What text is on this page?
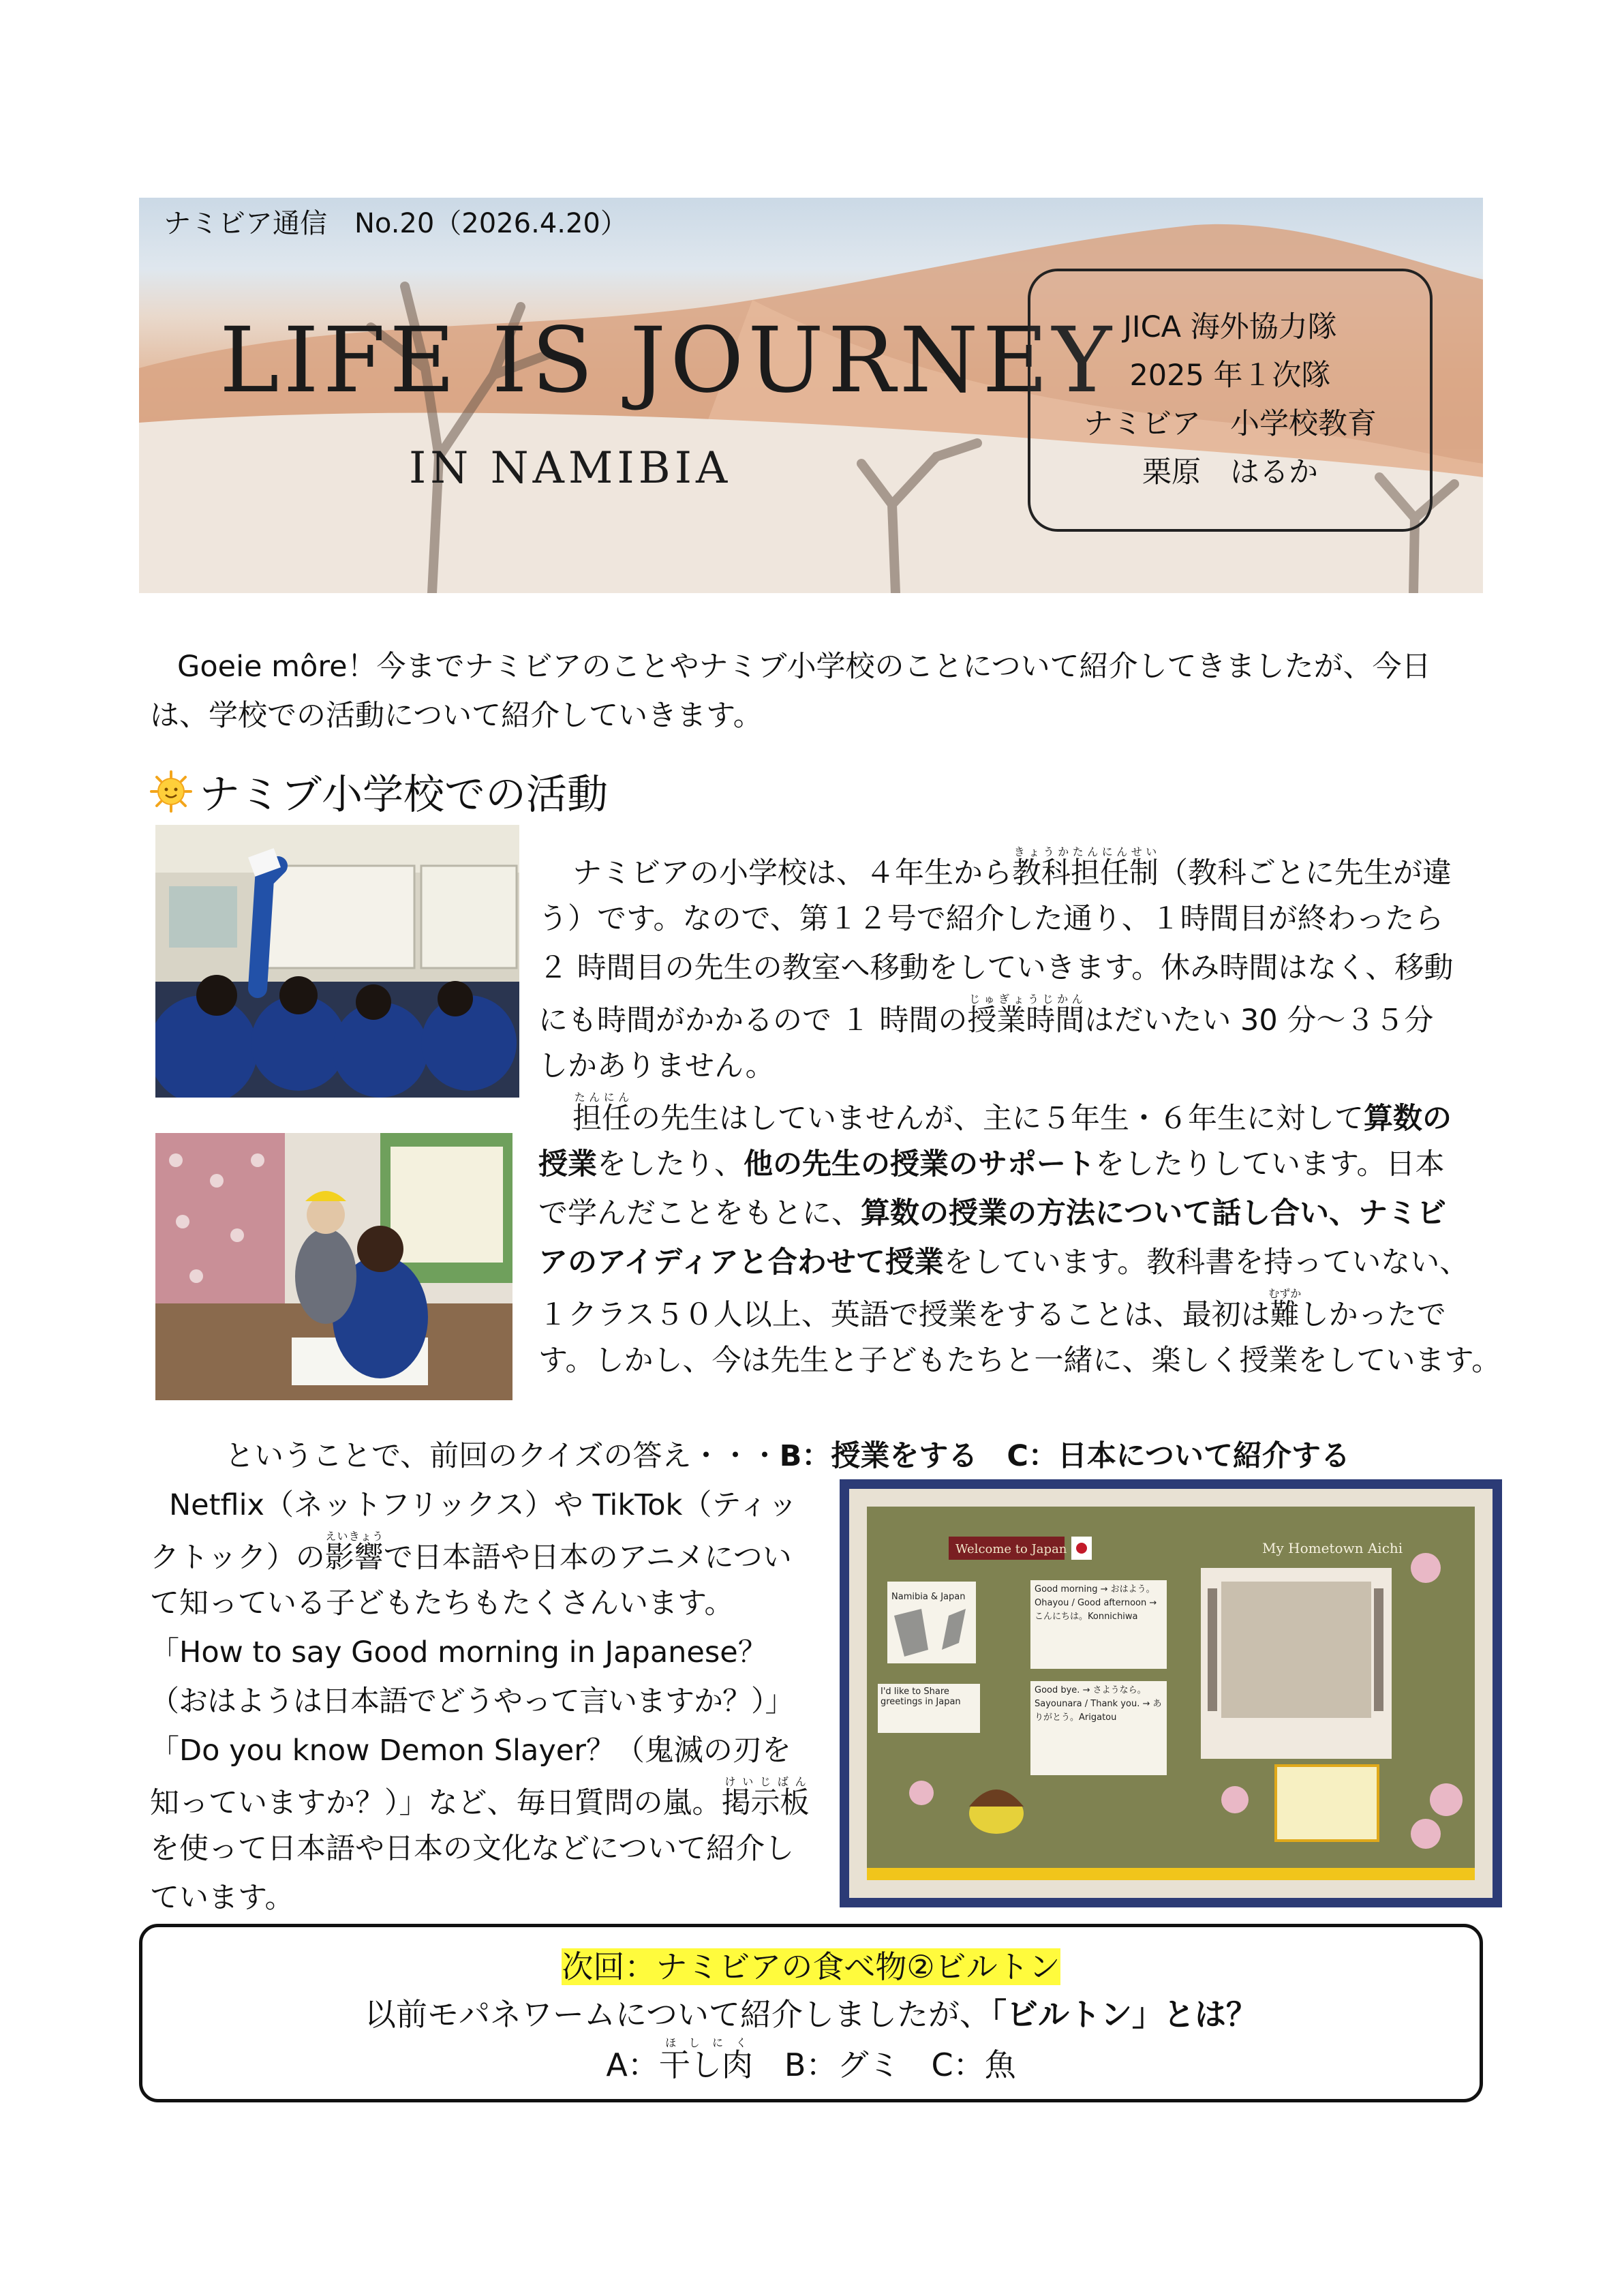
ナミビア通信　No.20（2026.4.20）
LIFE IS JOURNEY
IN NAMIBIA
JICA 海外協力隊
2025 年１次隊
ナミビア　小学校教育
栗原　はるか
Goeie môre！今までナミビアのことやナミブ小学校のことについて紹介してきましたが、今日
は、学校での活動について紹介していきます。
ナミブ小学校での活動
ナミビアの小学校は、４年生から教科担任制きょうかたんにんせい（教科ごとに先生が違
う）です。なので、第１２号で紹介した通り、１時間目が終わったら
２ 時間目の先生の教室へ移動をしていきます。休み時間はなく、移動
にも時間がかかるので １ 時間の授業時間じゅぎょうじかんはだいたい 30 分～３５分
しかありません。
担任たんにんの先生はしていませんが、主に５年生・６年生に対して算数の
授業をしたり、他の先生の授業のサポートをしたりしています。日本
で学んだことをもとに、算数の授業の方法について話し合い、ナミビ
アのアイディアと合わせて授業をしています。教科書を持っていない、
１クラス５０人以上、英語で授業をすることは、最初は難むずかしかったで
す。しかし、今は先生と子どもたちと一緒に、楽しく授業をしています。
ということで、前回のクイズの答え・・・B：授業をする　C：日本について紹介する
Netflix（ネットフリックス）や TikTok（ティッ
クトック）の影響えいきょうで日本語や日本のアニメについ
て知っている子どもたちもたくさんいます。
「How to say Good morning in Japanese？
（おはようは日本語でどうやって言いますか？）」
「Do you know Demon Slayer？（鬼滅の刃を
知っていますか？）」など、毎日質問の嵐。掲示板けいじばん
を使って日本語や日本の文化などについて紹介し
ています。
Welcome to Japan	My Hometown Aichi
Namibia & Japan
I'd like to Share greetings in Japan
Good morning → おはよう。Ohayou / Good afternoon → こんにちは。Konnichiwa
Good bye. → さようなら。Sayounara / Thank you. → ありがとう。Arigatou
次回：ナミビアの食べ物②ビルトン
以前モパネワームについて紹介しましたが、「ビルトン」とは？
A：干し肉ほしにく　B：グミ　C：魚
